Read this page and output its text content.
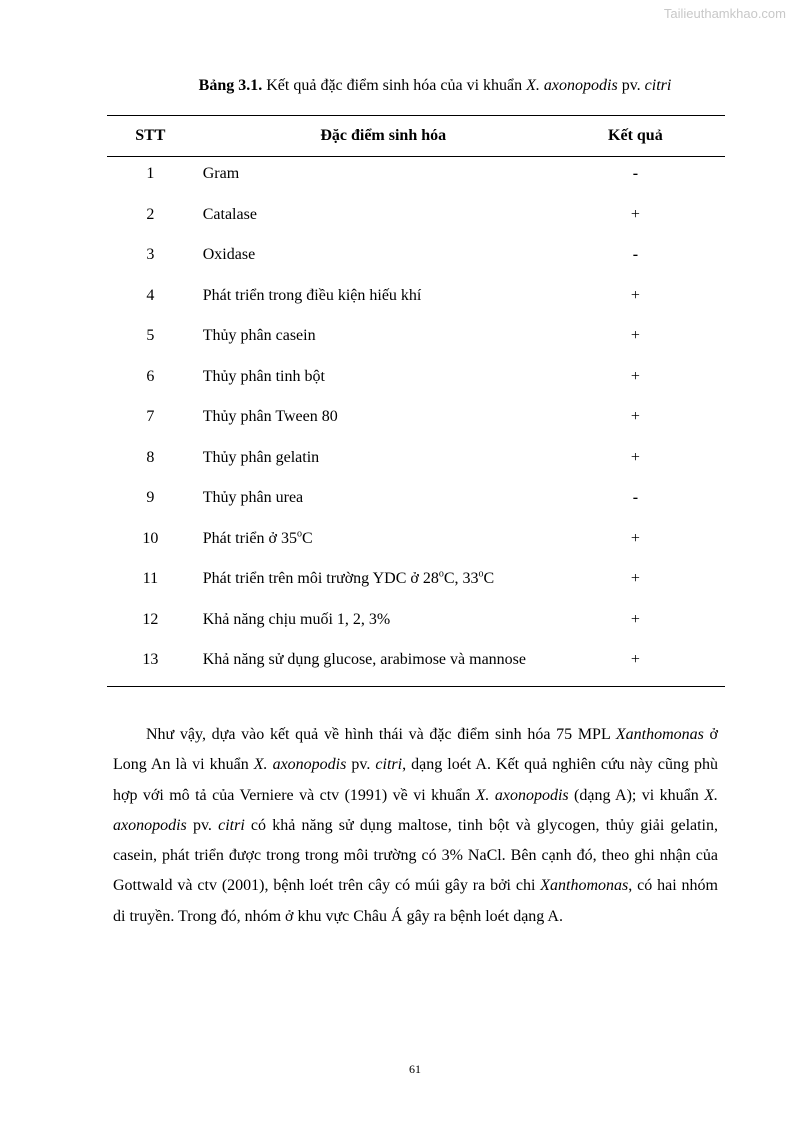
Tailieuthamkhao.com
Bảng 3.1. Kết quả đặc điểm sinh hóa của vi khuẩn X. axonopodis pv. citri
STT	Đặc điểm sinh hóa	Kết quả
1	Gram	-
2	Catalase	+
3	Oxidase	-
4	Phát triển trong điều kiện hiếu khí	+
5	Thủy phân casein	+
6	Thủy phân tinh bột	+
7	Thủy phân Tween 80	+
8	Thủy phân gelatin	+
9	Thủy phân urea	-
10	Phát triển ở $35^oC$	+
11	Phát triển trên môi trường YDC ở 28$^o$C, $33^oC$	+
12	Khả năng chịu muối 1, 2, 3%	+
13	Khả năng sử dụng glucose, arabimose và mannose	+

Như vậy, dựa vào kết quả về hình thái và đặc điểm sinh hóa 75 MPL Xanthomonas ở Long An là vi khuẩn X. axonopodis pv. citri, dạng loét A. Kết quả nghiên cứu này cũng phù hợp với mô tả của Verniere và ctv (1991) về vi khuẩn X. axonopodis (dạng A); vi khuẩn X. axonopodis pv. citri có khả năng sử dụng maltose, tinh bột và glycogen, thủy giải gelatin, casein, phát triển được trong trong môi trường có 3% NaCl. Bên cạnh đó, theo ghi nhận của Gottwald và ctv (2001), bệnh loét trên cây có múi gây ra bởi chi Xanthomonas, có hai nhóm di truyền. Trong đó, nhóm ở khu vực Châu Á gây ra bệnh loét dạng A.

61
